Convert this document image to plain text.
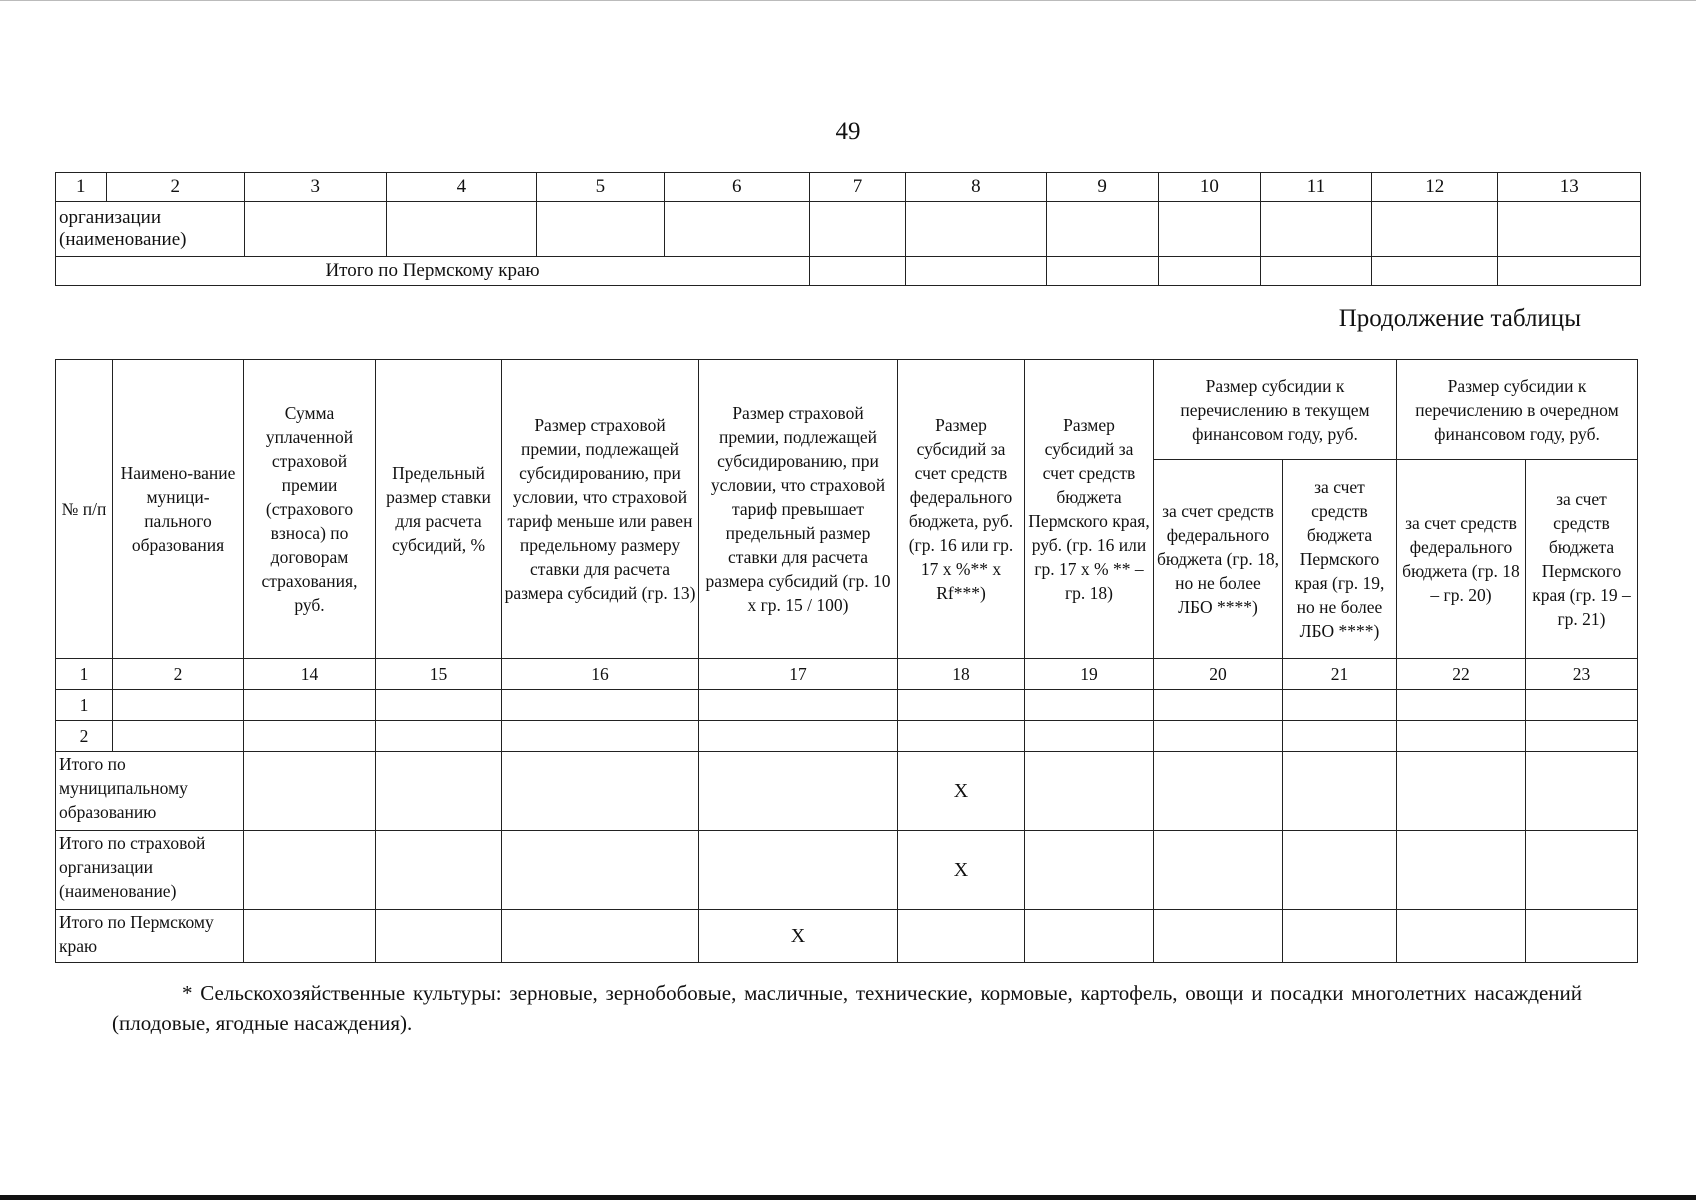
49
1	2	3	4	5	6	7	8	9	10	11	12	13
организации (наименование)												
Итого по Пермскому краю												
Продолжение таблицы
№ п/п	Наимено-вание муници-пального образования	Сумма уплаченной страховой премии (страхового взноса) по договорам страхования, руб.	Предельный размер ставки для расчета субсидий, %	Размер страховой премии, подлежащей субсидированию, при условии, что страховой тариф меньше или равен предельному размеру ставки для расчета размера субсидий (гр. 13)	Размер страховой премии, подлежащей субсидированию, при условии, что страховой тариф превышает предельный размер ставки для расчета размера субсидий (гр. 10 х гр. 15 / 100)	Размер субсидий за счет средств федерального бюджета, руб. (гр. 16 или гр. 17 х %** х Rf***)	Размер субсидий за счет средств бюджета Пермского края, руб. (гр. 16 или гр. 17 х % ** – гр. 18)	Размер субсидии к перечислению в текущем финансовом году, руб.		Размер субсидии к перечислению в очередном финансовом году, руб.	
								за счет средств федерального бюджета (гр. 18, но не более ЛБО ****)	за счет средств бюджета Пермского края (гр. 19, но не более ЛБО ****)	за счет средств федерального бюджета (гр. 18 – гр. 20)	за счет средств бюджета Пермского края (гр. 19 – гр. 21)
1	2	14	15	16	17	18	19	20	21	22	23
1											
2											
Итого по муниципальному образованию						Х					
Итого по страховой организации (наименование)						Х					
Итого по Пермскому краю					Х						
* Сельскохозяйственные культуры: зерновые, зернобобовые, масличные, технические, кормовые, картофель, овощи и посадки многолетних насаждений (плодовые, ягодные насаждения).
